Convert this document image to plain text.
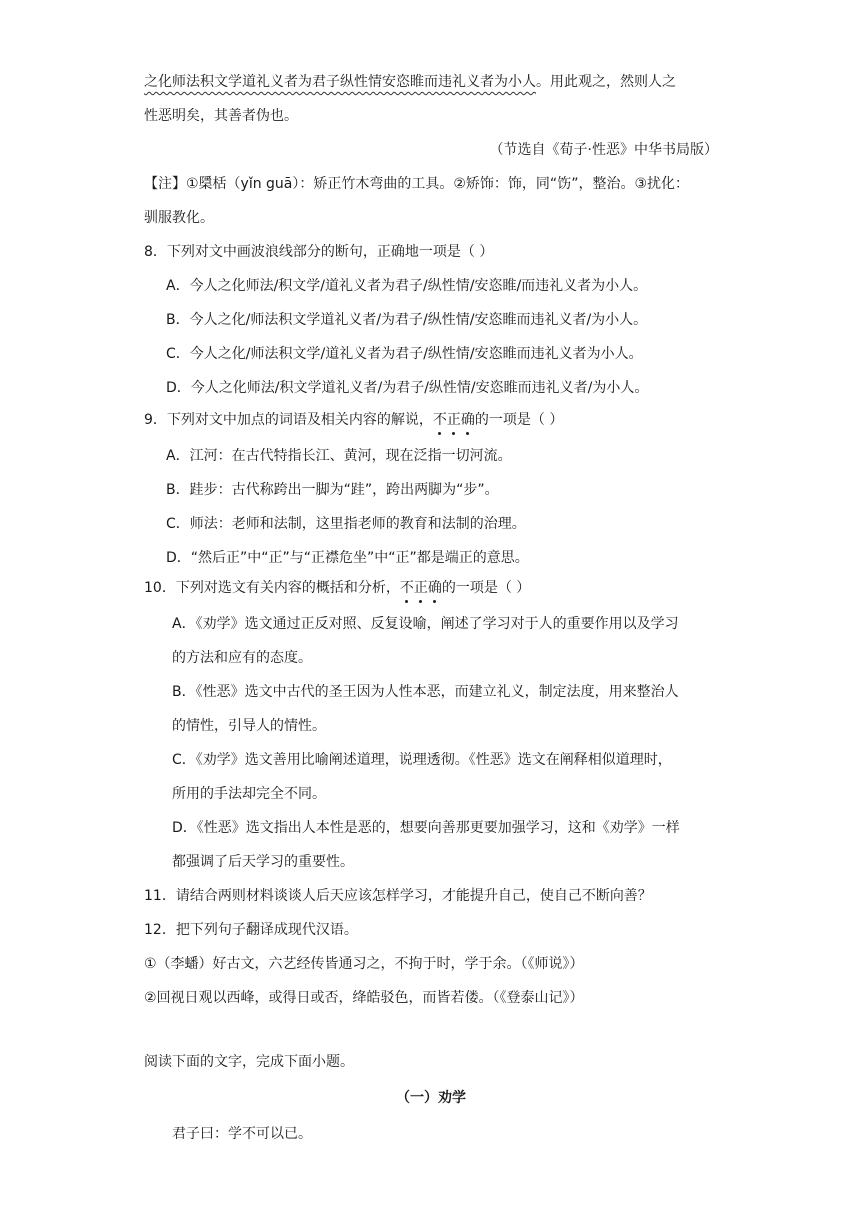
之化师法积文学道礼义者为君子纵性情安恣睢而违礼义者为小人。用此观之，然则人之
性恶明矣，其善者伪也。
（节选自《荀子·性恶》中华书局版）
【注】①檃栝（yǐn guā）：矫正竹木弯曲的工具。②矫饰：饰，同“饬”，整治。③扰化：
驯服教化。
8．下列对文中画波浪线部分的断句，正确地一项是（ ）
A．今人之化师法/积文学/道礼义者为君子/纵性情/安恣睢/而违礼义者为小人。
B．今人之化/师法积文学道礼义者/为君子/纵性情/安恣睢而违礼义者/为小人。
C．今人之化/师法积文学/道礼义者为君子/纵性情/安恣睢而违礼义者为小人。
D．今人之化师法/积文学道礼义者/为君子/纵性情/安恣睢而违礼义者/为小人。
9．下列对文中加点的词语及相关内容的解说，不正确的一项是（ ）
A．江河：在古代特指长江、黄河，现在泛指一切河流。
B．跬步：古代称跨出一脚为“跬”，跨出两脚为“步”。
C．师法：老师和法制，这里指老师的教育和法制的治理。
D．“然后正”中“正”与“正襟危坐”中“正”都是端正的意思。
10．下列对选文有关内容的概括和分析，不正确的一项是（ ）
A．《劝学》选文通过正反对照、反复设喻，阐述了学习对于人的重要作用以及学习
的方法和应有的态度。
B．《性恶》选文中古代的圣王因为人性本恶，而建立礼义，制定法度，用来整治人
的情性，引导人的情性。
C．《劝学》选文善用比喻阐述道理，说理透彻。《性恶》选文在阐释相似道理时，
所用的手法却完全不同。
D．《性恶》选文指出人本性是恶的，想要向善那更要加强学习，这和《劝学》一样
都强调了后天学习的重要性。
11．请结合两则材料谈谈人后天应该怎样学习，才能提升自己，使自己不断向善？
12．把下列句子翻译成现代汉语。
①（李蟠）好古文，六艺经传皆通习之，不拘于时，学于余。（《师说》）
②回视日观以西峰，或得日或否，绛皓驳色，而皆若偻。（《登泰山记》）
阅读下面的文字，完成下面小题。
（一）劝学
君子曰：学不可以已。
